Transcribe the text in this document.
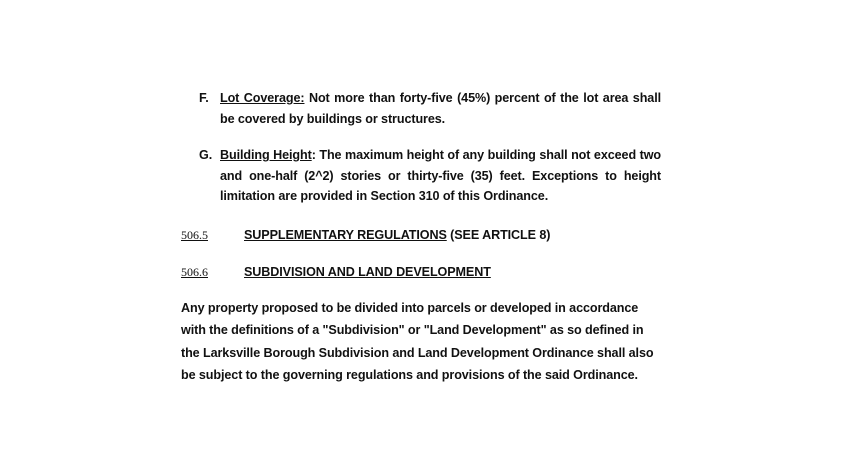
F. Lot Coverage: Not more than forty-five (45%) percent of the lot area shall be covered by buildings or structures.
G. Building Height: The maximum height of any building shall not exceed two and one-half (2^2) stories or thirty-five (35) feet. Exceptions to height limitation are provided in Section 310 of this Ordinance.
506.5	SUPPLEMENTARY REGULATIONS (SEE ARTICLE 8)
506.6	SUBDIVISION AND LAND DEVELOPMENT

Any property proposed to be divided into parcels or developed in accordance with the definitions of a "Subdivision" or "Land Development" as so defined in the Larksville Borough Subdivision and Land Development Ordinance shall also be subject to the governing regulations and provisions of the said Ordinance.
